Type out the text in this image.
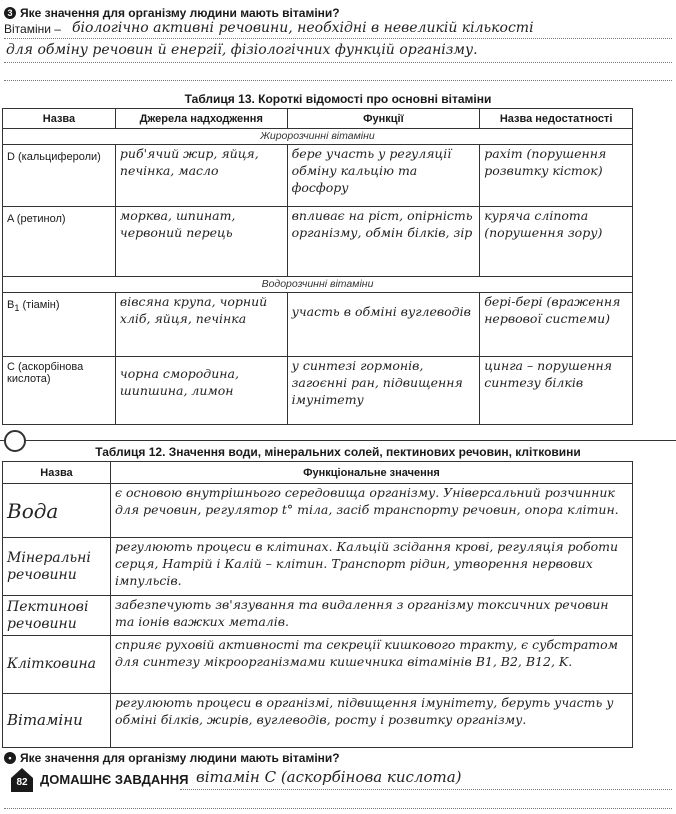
3 Яке значення для організму людини мають вітаміни?
Вітаміни – біологічно активні речовини, необхідні в невеликій кількості
для обміну речовин й енергії, фізіологічних функцій організму.
Таблиця 13. Короткі відомості про основні вітаміни
Назва	Джерела надходження	Функції	Назва недостатності
Жиророзчинні вітаміни			
D (кальцифероли)	риб'ячий жир, яйця, печінка, масло	бере участь у регуляції обміну кальцію та фосфору	рахіт (порушення розвитку кісток)
A (ретинол)	морква, шпинат, червоний перець	впливає на ріст, опірність організму, обмін білків, зір	куряча сліпота (порушення зору)
Водорозчинні вітаміни			
$B_1$ (тіамін)	вівсяна крупа, чорний хліб, яйця, печінка	участь в обміні вуглеводів	бері-бері (враження нервової системи)
C (аскорбінова кислота)	чорна смородина, шипшина, лимон	у синтезі гормонів, загоєнні ран, підвищення імунітету	цинга – порушення синтезу білків
Таблиця 12. Значення води, мінеральних солей, пектинових речовин, клітковини
Назва	Функціональне значення
Вода	є основою внутрішнього середовища організму. Універсальний розчинник для речовин, регулятор t° тіла, засіб транспорту речовин, опора клітин.
Мінеральні речовини	регулюють процеси в клітинах. Кальцій зсідання крові, регуляція роботи серця, Натрій і Калій – клітин. Транспорт рідин, утворення нервових імпульсів.
Пектинові речовини	забезпечують зв'язування та видалення з організму токсичних речовин та іонів важких металів.
Клітковина	сприяє руховій активності та секреції кишкового тракту, є субстратом для синтезу мікроорганізмами кишечника вітамінів B1, B2, B12, K.
Вітаміни	регулюють процеси в організмі, підвищення імунітету, беруть участь у обміні білків, жирів, вуглеводів, росту і розвитку організму.
• Яке значення для організму людини мають вітаміни?
82 ДОМАШНЄ ЗАВДАННЯ вітамін С (аскорбінова кислота)
